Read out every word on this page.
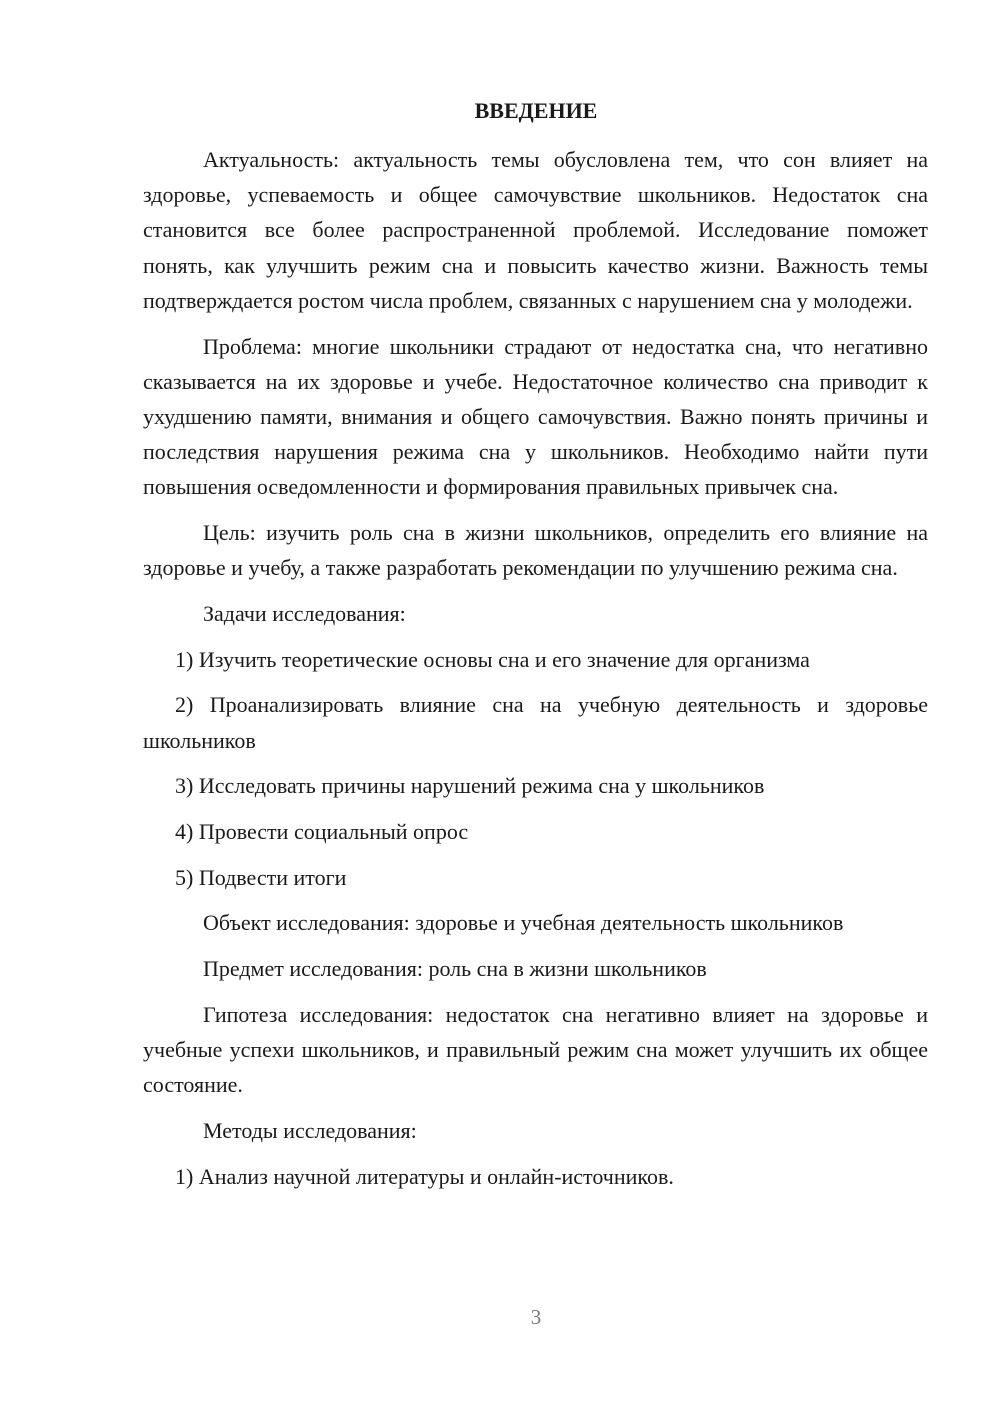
ВВЕДЕНИЕ

Актуальность: актуальность темы обусловлена тем, что сон влияет на здоровье, успеваемость и общее самочувствие школьников. Недостаток сна становится все более распространенной проблемой. Исследование поможет понять, как улучшить режим сна и повысить качество жизни. Важность темы подтверждается ростом числа проблем, связанных с нарушением сна у молодежи.

Проблема: многие школьники страдают от недостатка сна, что негативно сказывается на их здоровье и учебе. Недостаточное количество сна приводит к ухудшению памяти, внимания и общего самочувствия. Важно понять причины и последствия нарушения режима сна у школьников. Необходимо найти пути повышения осведомленности и формирования правильных привычек сна.

Цель: изучить роль сна в жизни школьников, определить его влияние на здоровье и учебу, а также разработать рекомендации по улучшению режима сна.

Задачи исследования:

1) Изучить теоретические основы сна и его значение для организма

2) Проанализировать влияние сна на учебную деятельность и здоровье школьников

3) Исследовать причины нарушений режима сна у школьников

4) Провести социальный опрос

5) Подвести итоги

Объект исследования: здоровье и учебная деятельность школьников

Предмет исследования: роль сна в жизни школьников

Гипотеза исследования: недостаток сна негативно влияет на здоровье и учебные успехи школьников, и правильный режим сна может улучшить их общее состояние.

Методы исследования:

1) Анализ научной литературы и онлайн-источников.

3
